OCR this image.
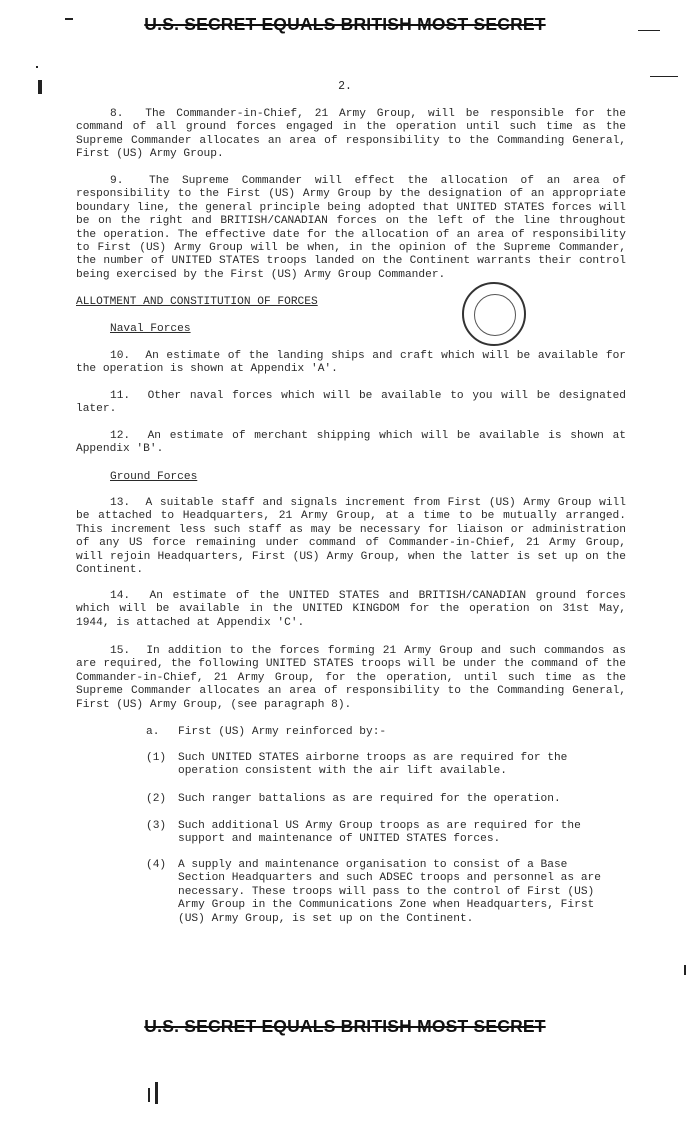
U.S. SECRET EQUALS BRITISH MOST SECRET
2.

8. The Commander-in-Chief, 21 Army Group, will be responsible for the command of all ground forces engaged in the operation until such time as the Supreme Commander allocates an area of responsibility to the Commanding General, First (US) Army Group.

9. The Supreme Commander will effect the allocation of an area of responsibility to the First (US) Army Group by the designation of an appropriate boundary line, the general principle being adopted that UNITED STATES forces will be on the right and BRITISH/CANADIAN forces on the left of the line throughout the operation. The effective date for the allocation of an area of responsibility to First (US) Army Group will be when, in the opinion of the Supreme Commander, the number of UNITED STATES troops landed on the Continent warrants their control being exercised by the First (US) Army Group Commander.

ALLOTMENT AND CONSTITUTION OF FORCES

Naval Forces

10. An estimate of the landing ships and craft which will be available for the operation is shown at Appendix 'A'.

11. Other naval forces which will be available to you will be designated later.

12. An estimate of merchant shipping which will be available is shown at Appendix 'B'.

Ground Forces

13. A suitable staff and signals increment from First (US) Army Group will be attached to Headquarters, 21 Army Group, at a time to be mutually arranged. This increment less such staff as may be necessary for liaison or administration of any US force remaining under command of Commander-in-Chief, 21 Army Group, will rejoin Headquarters, First (US) Army Group, when the latter is set up on the Continent.

14. An estimate of the UNITED STATES and BRITISH/CANADIAN ground forces which will be available in the UNITED KINGDOM for the operation on 31st May, 1944, is attached at Appendix 'C'.

15. In addition to the forces forming 21 Army Group and such commandos as are required, the following UNITED STATES troops will be under the command of the Commander-in-Chief, 21 Army Group, for the operation, until such time as the Supreme Commander allocates an area of responsibility to the Commanding General, First (US) Army Group, (see paragraph 8).

a. First (US) Army reinforced by:-
(1) Such UNITED STATES airborne troops as are required for the operation consistent with the air lift available.
(2) Such ranger battalions as are required for the operation.
(3) Such additional US Army Group troops as are required for the support and maintenance of UNITED STATES forces.
(4) A supply and maintenance organisation to consist of a Base Section Headquarters and such ADSEC troops and personnel as are necessary. These troops will pass to the control of First (US) Army Group in the Communications Zone when Headquarters, First (US) Army Group, is set up on the Continent.
U.S. SECRET EQUALS BRITISH MOST SECRET
